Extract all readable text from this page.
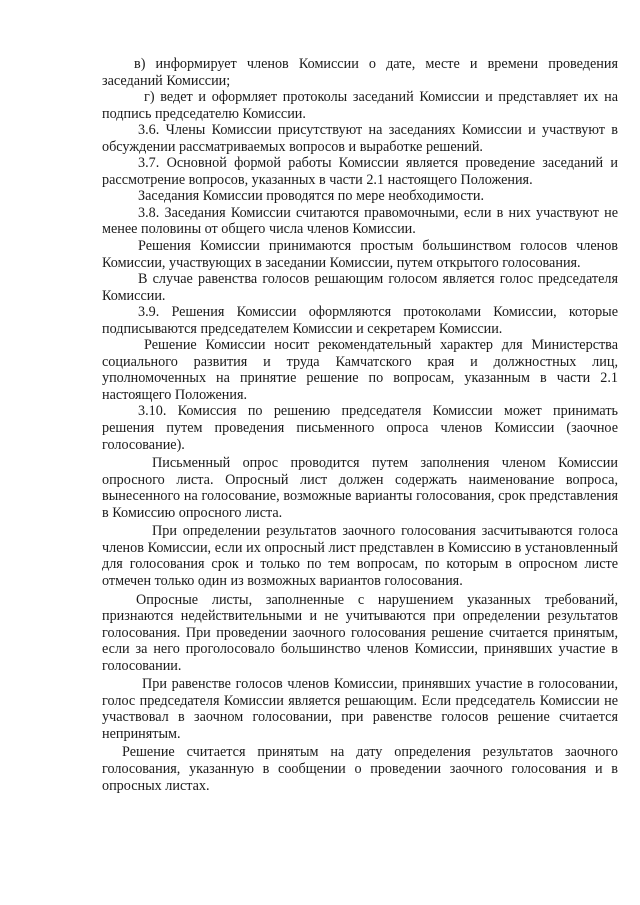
в) информирует членов Комиссии о дате, месте и времени проведения заседаний Комиссии;

г) ведет и оформляет протоколы заседаний Комиссии и представляет их на подпись председателю Комиссии.

3.6. Члены Комиссии присутствуют на заседаниях Комиссии и участвуют в обсуждении рассматриваемых вопросов и выработке решений.

3.7. Основной формой работы Комиссии является проведение заседаний и рассмотрение вопросов, указанных в части 2.1 настоящего Положения.

Заседания Комиссии проводятся по мере необходимости.

3.8. Заседания Комиссии считаются правомочными, если в них участвуют не менее половины от общего числа членов Комиссии.

Решения Комиссии принимаются простым большинством голосов членов Комиссии, участвующих в заседании Комиссии, путем открытого голосования.

В случае равенства голосов решающим голосом является голос председателя Комиссии.

3.9. Решения Комиссии оформляются протоколами Комиссии, которые подписываются председателем Комиссии и секретарем Комиссии.

Решение Комиссии носит рекомендательный характер для Министерства социального развития и труда Камчатского края и должностных лиц, уполномоченных на принятие решение по вопросам, указанным в части 2.1 настоящего Положения.

3.10. Комиссия по решению председателя Комиссии может принимать решения путем проведения письменного опроса членов Комиссии (заочное голосование).

Письменный опрос проводится путем заполнения членом Комиссии опросного листа. Опросный лист должен содержать наименование вопроса, вынесенного на голосование, возможные варианты голосования, срок представления в Комиссию опросного листа.

При определении результатов заочного голосования засчитываются голоса членов Комиссии, если их опросный лист представлен в Комиссию в установленный для голосования срок и только по тем вопросам, по которым в опросном листе отмечен только один из возможных вариантов голосования.

Опросные листы, заполненные с нарушением указанных требований, признаются недействительными и не учитываются при определении результатов голосования. При проведении заочного голосования решение считается принятым, если за него проголосовало большинство членов Комиссии, принявших участие в голосовании.

При равенстве голосов членов Комиссии, принявших участие в голосовании, голос председателя Комиссии является решающим. Если председатель Комиссии не участвовал в заочном голосовании, при равенстве голосов решение считается непринятым.

Решение считается принятым на дату определения результатов заочного голосования, указанную в сообщении о проведении заочного голосования и в опросных листах.
